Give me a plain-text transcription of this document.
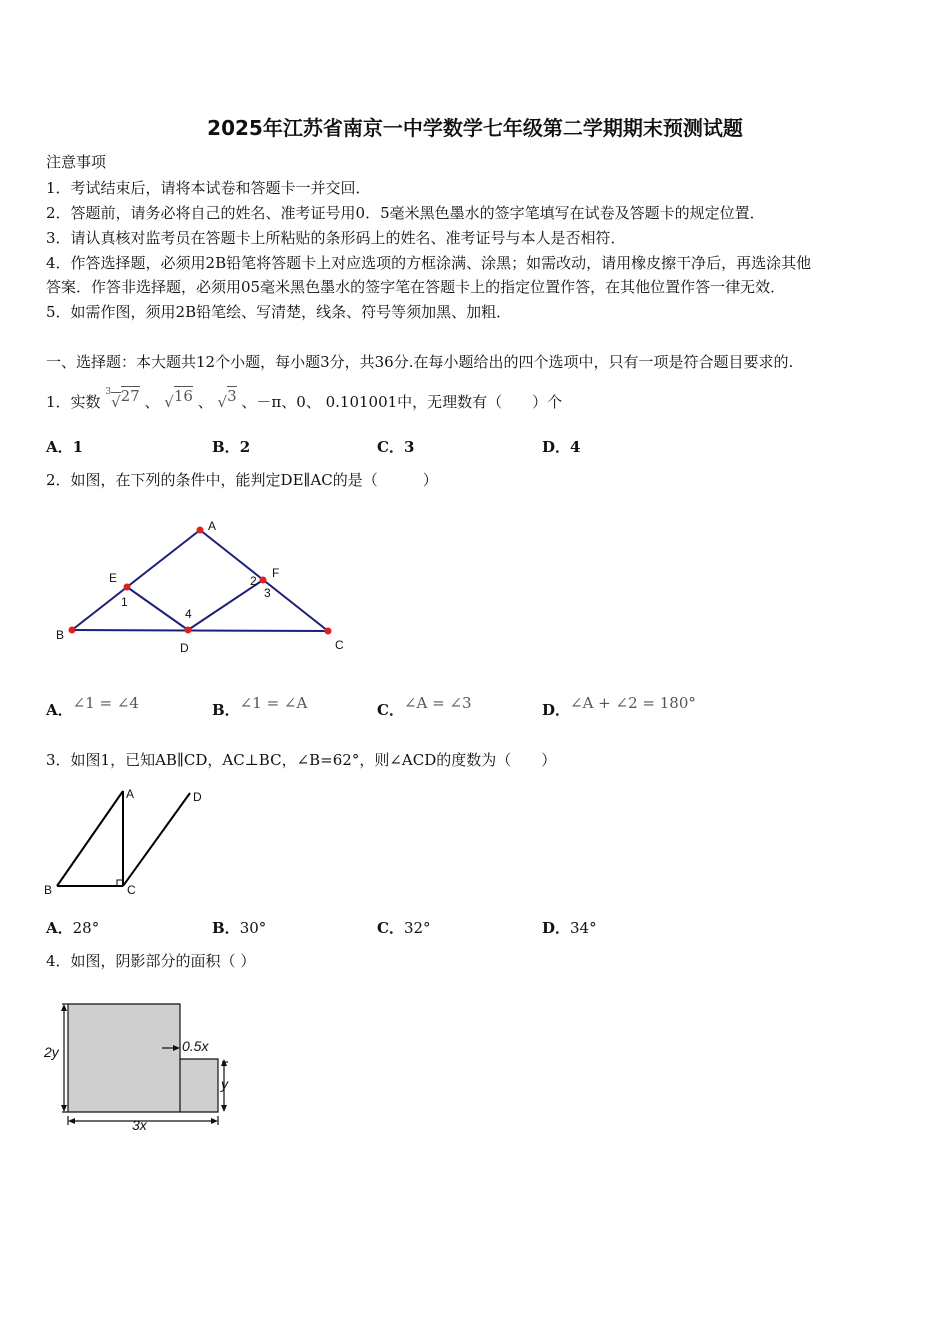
2025年江苏省南京一中学数学七年级第二学期期末预测试题
注意事项
1．考试结束后，请将本试卷和答题卡一并交回．
2．答题前，请务必将自己的姓名、准考证号用0．5毫米黑色墨水的签字笔填写在试卷及答题卡的规定位置．
3．请认真核对监考员在答题卡上所粘贴的条形码上的姓名、准考证号与本人是否相符．
4．作答选择题，必须用2B铅笔将答题卡上对应选项的方框涂满、涂黑；如需改动，请用橡皮擦干净后，再选涂其他
答案．作答非选择题，必须用05毫米黑色墨水的签字笔在答题卡上的指定位置作答，在其他位置作答一律无效．
5．如需作图，须用2B铅笔绘、写清楚，线条、符号等须加黑、加粗．
一、选择题：本大题共12个小题，每小题3分，共36分.在每小题给出的四个选项中，只有一项是符合题目要求的.
1．实数 $^3$√27 、 √16 、 √3 、－π、0、 0.101001中，无理数有（　　）个
A．1	B．2	C．3	D．4
2．如图，在下列的条件中，能判定DE∥AC的是（　　　）
A
B
C
D
E	F
1
2
3
4
A．∠1 = ∠4	B．∠1 = ∠A	C．∠A = ∠3	D．∠A + ∠2 = 180°
3．如图1，已知AB∥CD，AC⊥BC，∠B=62°，则∠ACD的度数为（　　）
A
B	C
D
A．28°	B．30°	C．32°	D．34°
4．如图，阴影部分的面积（ ）
2y	0.5x
y
3x
